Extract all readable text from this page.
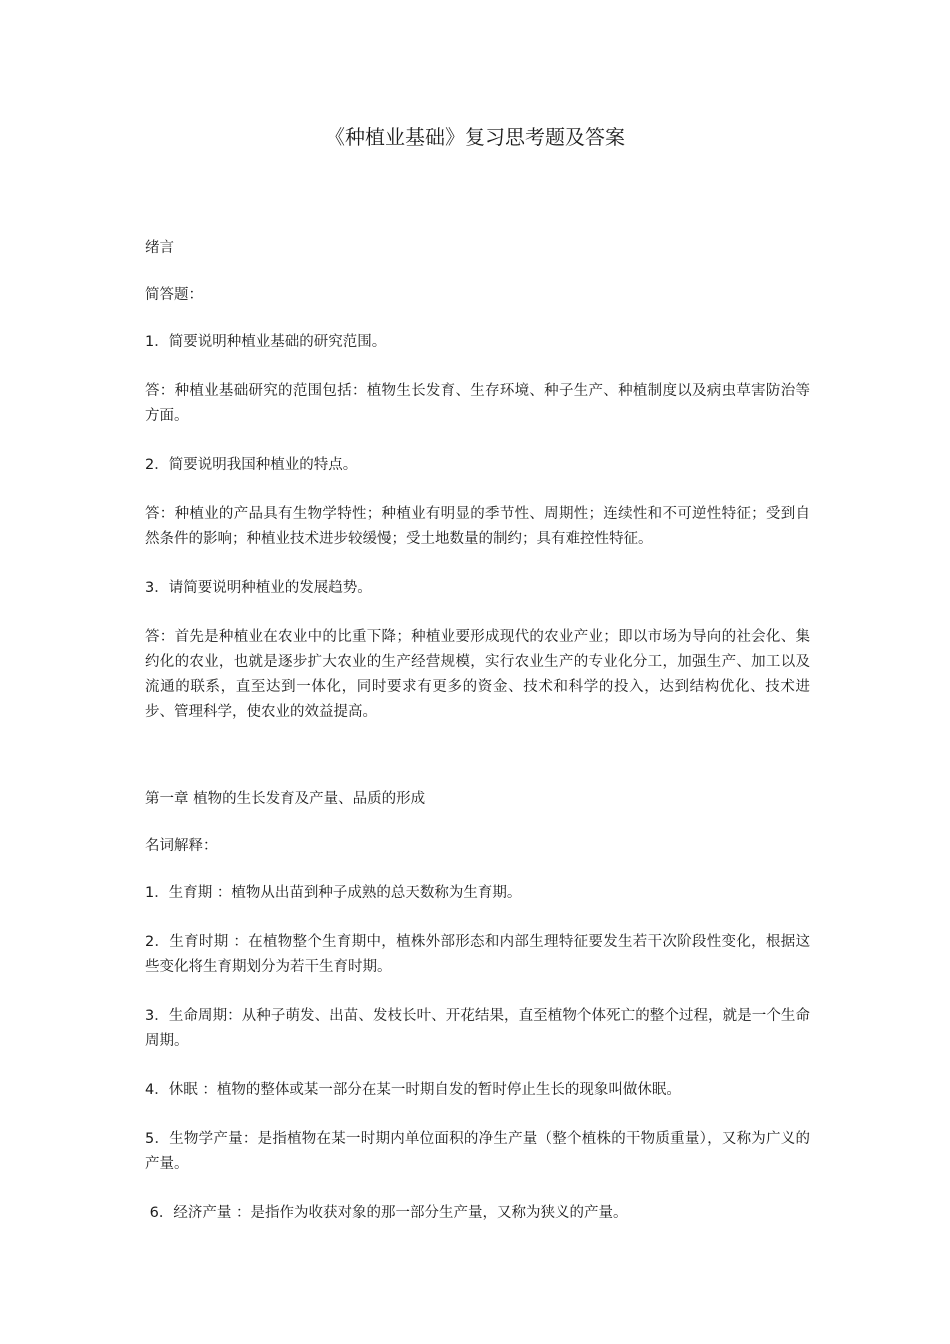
《种植业基础》复习思考题及答案

绪言

简答题：

1．简要说明种植业基础的研究范围。

答：种植业基础研究的范围包括：植物生长发育、生存环境、种子生产、种植制度以及病虫草害防治等方面。

2．简要说明我国种植业的特点。

答：种植业的产品具有生物学特性；种植业有明显的季节性、周期性；连续性和不可逆性特征；受到自然条件的影响；种植业技术进步较缓慢；受土地数量的制约；具有难控性特征。

3．请简要说明种植业的发展趋势。

答：首先是种植业在农业中的比重下降；种植业要形成现代的农业产业；即以市场为导向的社会化、集约化的农业，也就是逐步扩大农业的生产经营规模，实行农业生产的专业化分工，加强生产、加工以及流通的联系，直至达到一体化，同时要求有更多的资金、技术和科学的投入，达到结构优化、技术进步、管理科学，使农业的效益提高。

第一章 植物的生长发育及产量、品质的形成

名词解释：

1．生育期 ：植物从出苗到种子成熟的总天数称为生育期。

2．生育时期 ：在植物整个生育期中，植株外部形态和内部生理特征要发生若干次阶段性变化，根据这些变化将生育期划分为若干生育时期。

3．生命周期：从种子萌发、出苗、发枝长叶、开花结果，直至植物个体死亡的整个过程，就是一个生命周期。

4．休眠 ：植物的整体或某一部分在某一时期自发的暂时停止生长的现象叫做休眠。

5．生物学产量：是指植物在某一时期内单位面积的净生产量（整个植株的干物质重量），又称为广义的产量。

6．经济产量 ：是指作为收获对象的那一部分生产量，又称为狭义的产量。
